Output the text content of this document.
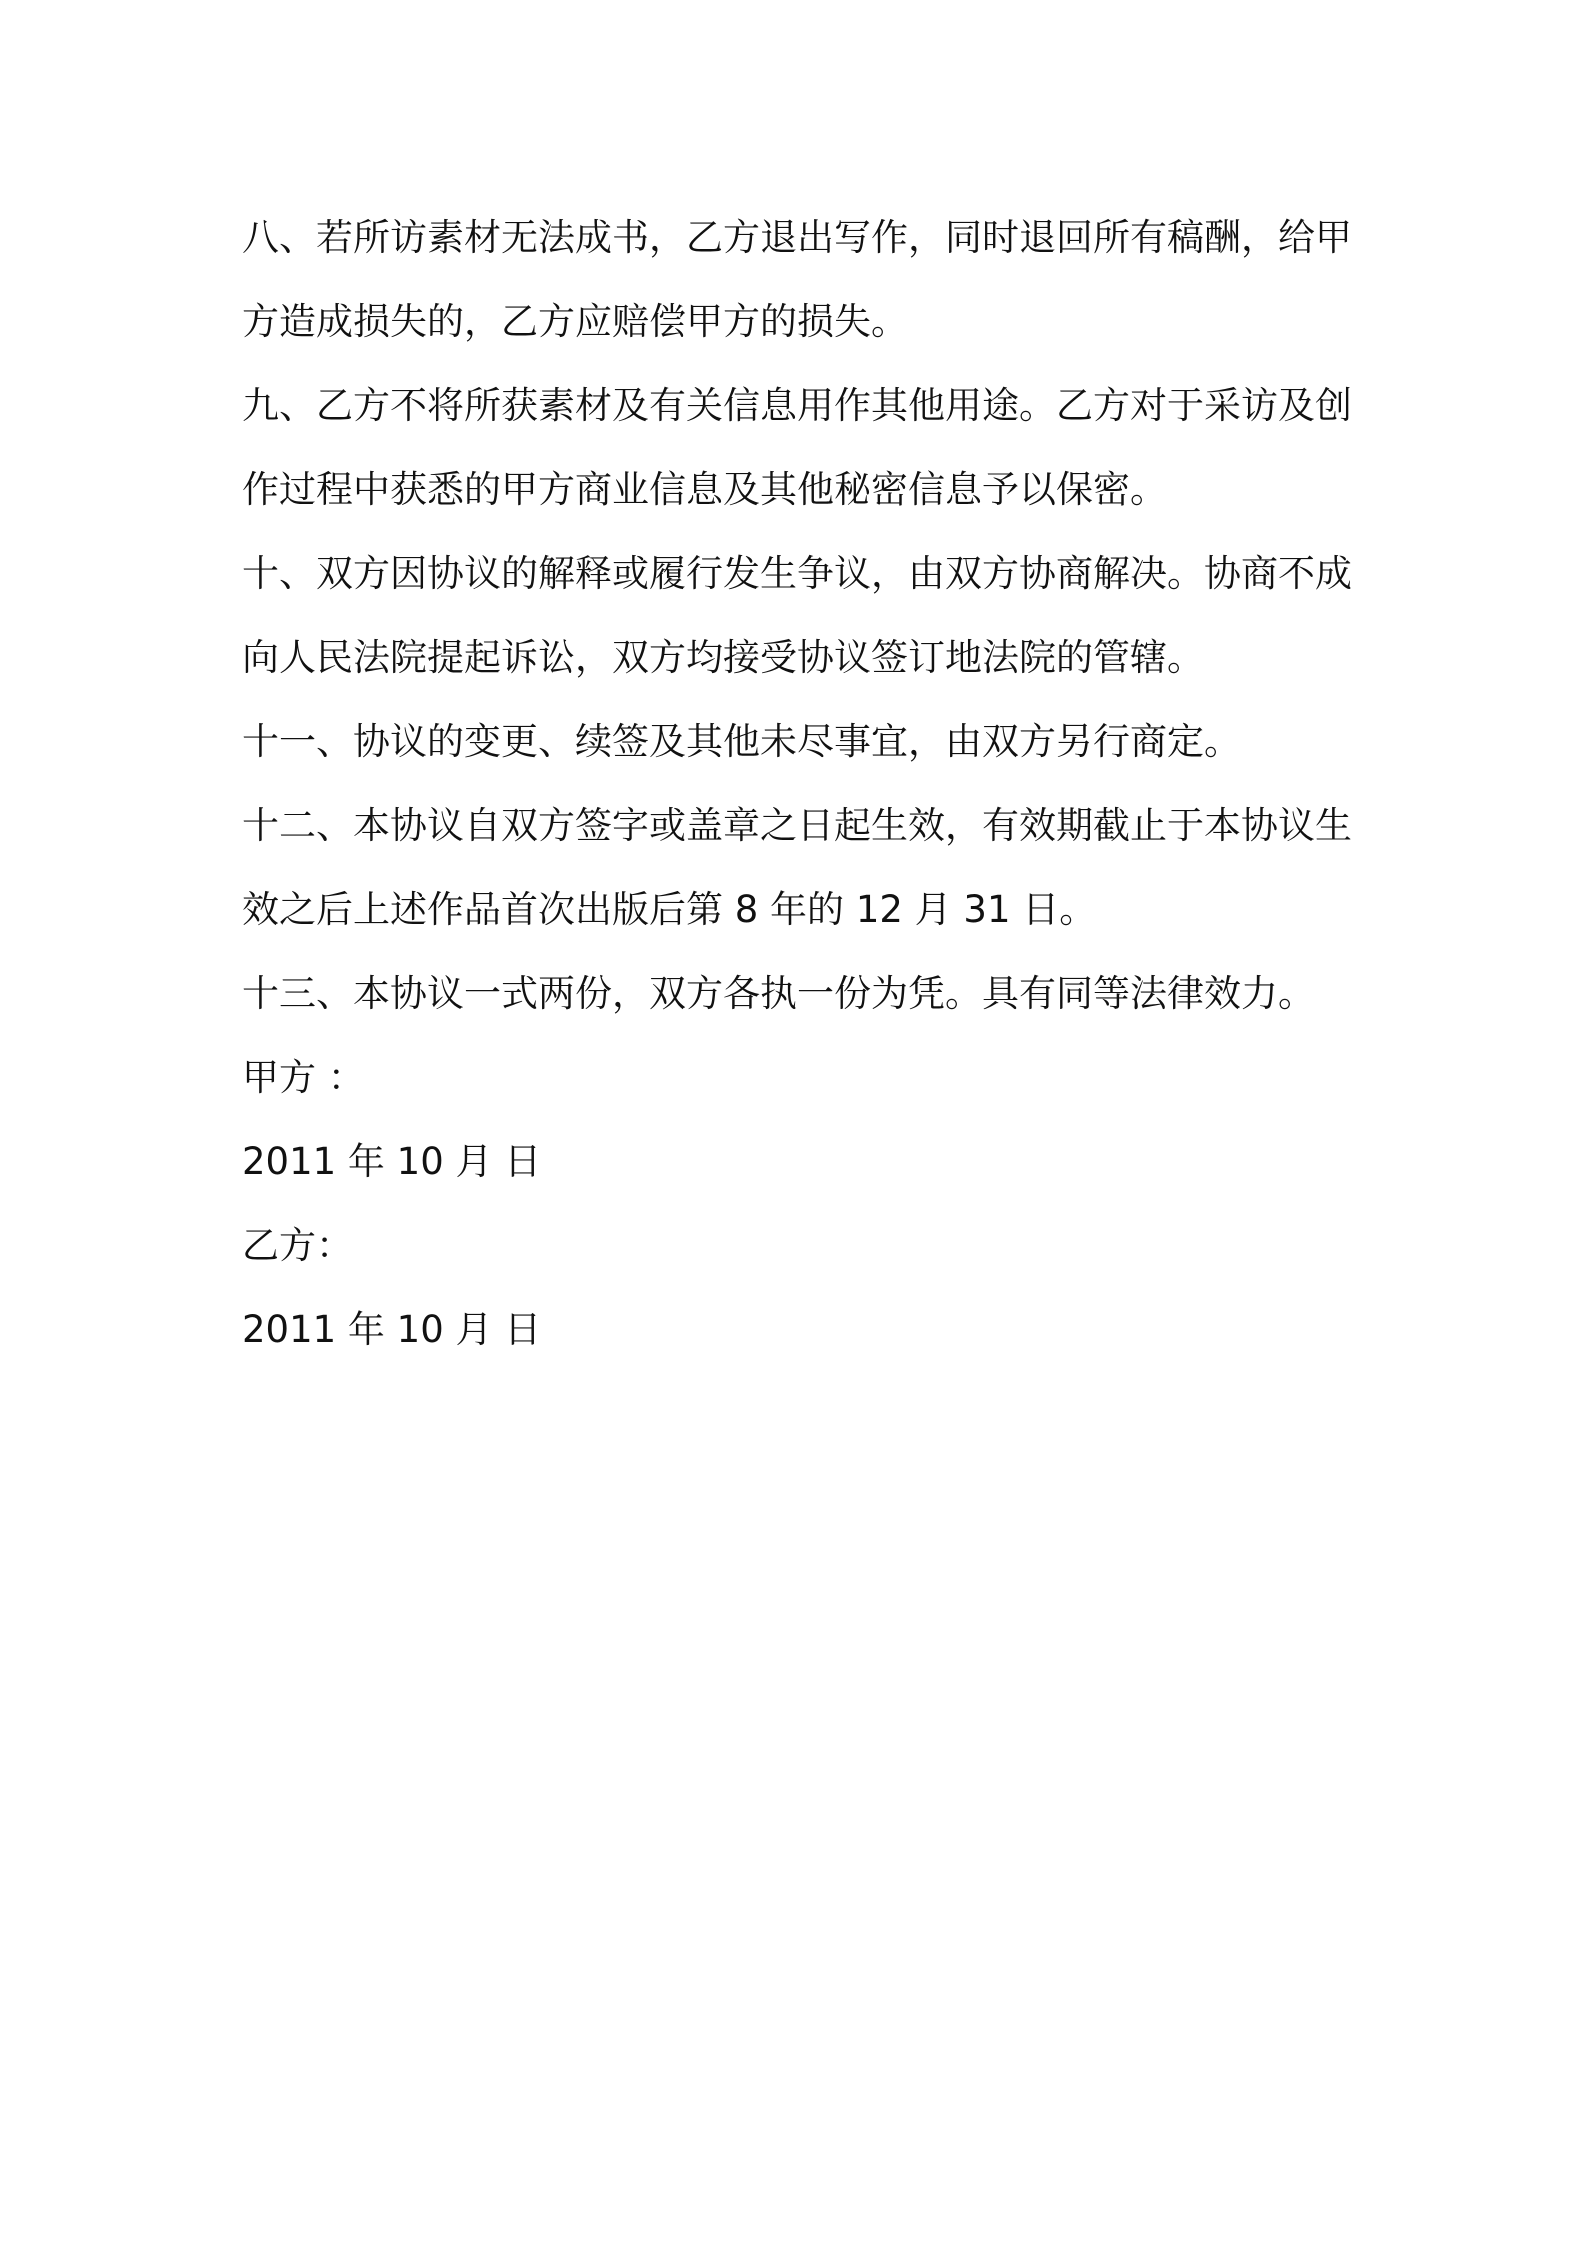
八、若所访素材无法成书，乙方退出写作，同时退回所有稿酬，给甲
方造成损失的，乙方应赔偿甲方的损失。
九、乙方不将所获素材及有关信息用作其他用途。乙方对于采访及创
作过程中获悉的甲方商业信息及其他秘密信息予以保密。
十、双方因协议的解释或履行发生争议，由双方协商解决。协商不成
向人民法院提起诉讼，双方均接受协议签订地法院的管辖。
十一、协议的变更、续签及其他未尽事宜，由双方另行商定。
十二、本协议自双方签字或盖章之日起生效，有效期截止于本协议生
效之后上述作品首次出版后第 8 年的 12 月 31 日。
十三、本协议一式两份，双方各执一份为凭。具有同等法律效力。
甲方 ：
2011 年 10 月 日
乙方：
2011 年 10 月 日
